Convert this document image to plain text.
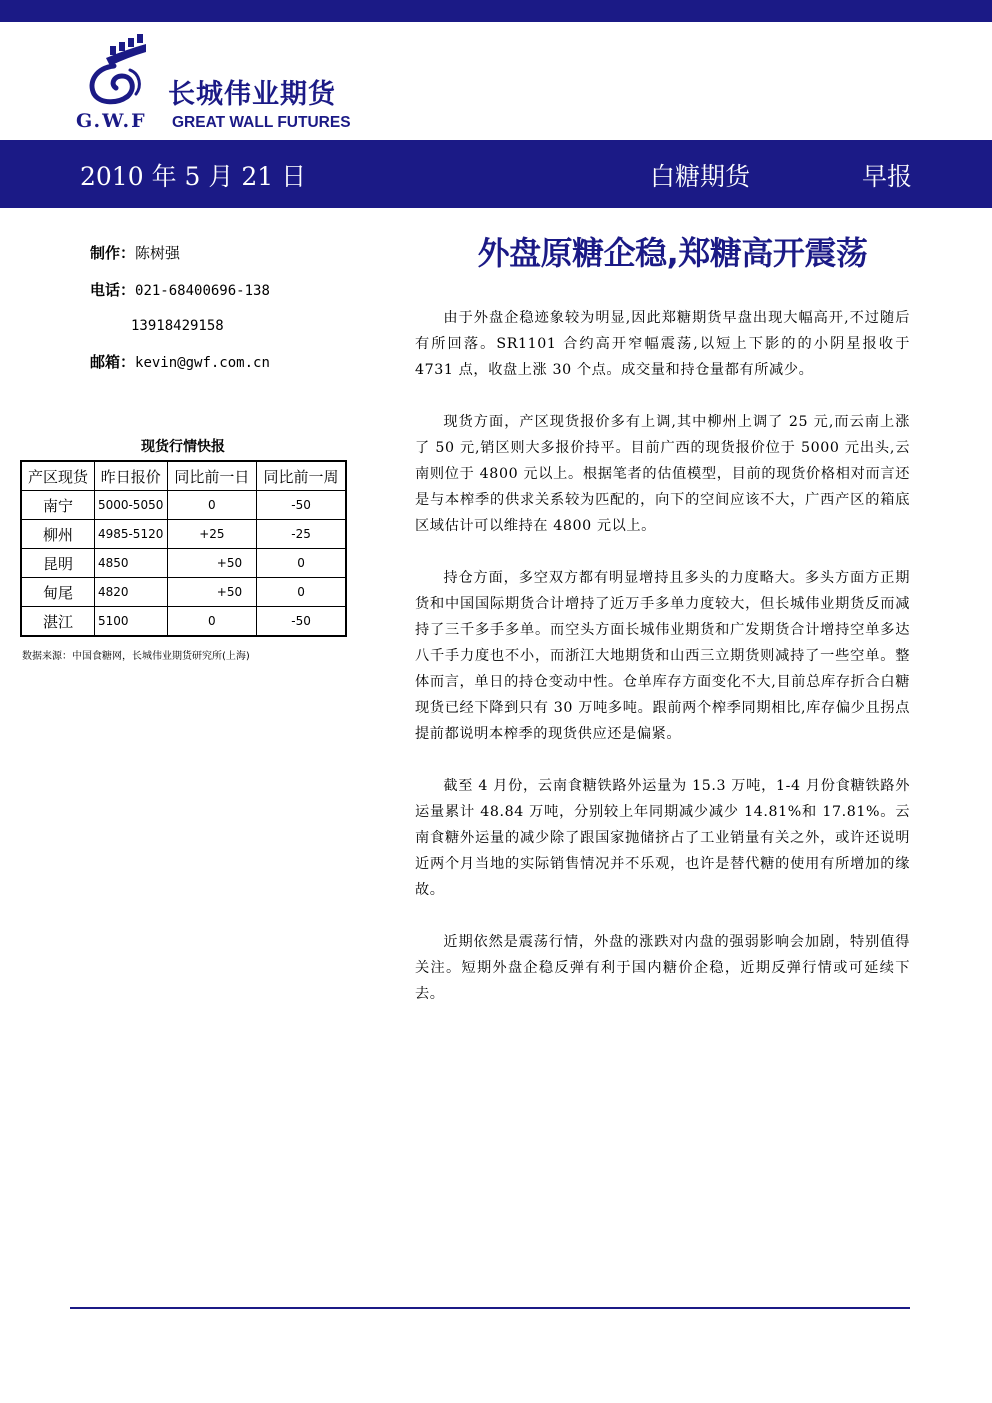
长城伟业期货
G.W.F GREAT WALL FUTURES
2010 年 5 月 21 日	白糖期货	早报
制作：陈树强
电话：021-68400696-138
13918429158
邮箱：kevin@gwf.com.cn
现货行情快报
产区现货	昨日报价	同比前一日	同比前一周
南宁	5000-5050	0	-50
柳州	4985-5120	+25	-25
昆明	4850	+50	0
甸尾	4820	+50	0
湛江	5100	0	-50
数据来源：中国食糖网，长城伟业期货研究所(上海)
外盘原糖企稳,郑糖高开震荡

由于外盘企稳迹象较为明显,因此郑糖期货早盘出现大幅高开,不过随后有所回落。SR1101 合约高开窄幅震荡,以短上下影的的小阴星报收于 4731 点，收盘上涨 30 个点。成交量和持仓量都有所减少。

现货方面，产区现货报价多有上调,其中柳州上调了 25 元,而云南上涨了 50 元,销区则大多报价持平。目前广西的现货报价位于 5000 元出头,云南则位于 4800 元以上。根据笔者的估值模型，目前的现货价格相对而言还是与本榨季的供求关系较为匹配的，向下的空间应该不大，广西产区的箱底区域估计可以维持在 4800 元以上。

持仓方面，多空双方都有明显增持且多头的力度略大。多头方面方正期货和中国国际期货合计增持了近万手多单力度较大，但长城伟业期货反而减持了三千多手多单。而空头方面长城伟业期货和广发期货合计增持空单多达八千手力度也不小，而浙江大地期货和山西三立期货则减持了一些空单。整体而言，单日的持仓变动中性。仓单库存方面变化不大,目前总库存折合白糖现货已经下降到只有 30 万吨多吨。跟前两个榨季同期相比,库存偏少且拐点提前都说明本榨季的现货供应还是偏紧。

截至 4 月份，云南食糖铁路外运量为 15.3 万吨，1-4 月份食糖铁路外运量累计 48.84 万吨，分别较上年同期减少减少 14.81%和 17.81%。云南食糖外运量的减少除了跟国家抛储挤占了工业销量有关之外，或许还说明近两个月当地的实际销售情况并不乐观，也许是替代糖的使用有所增加的缘故。

近期依然是震荡行情，外盘的涨跌对内盘的强弱影响会加剧，特别值得关注。短期外盘企稳反弹有利于国内糖价企稳，近期反弹行情或可延续下去。
